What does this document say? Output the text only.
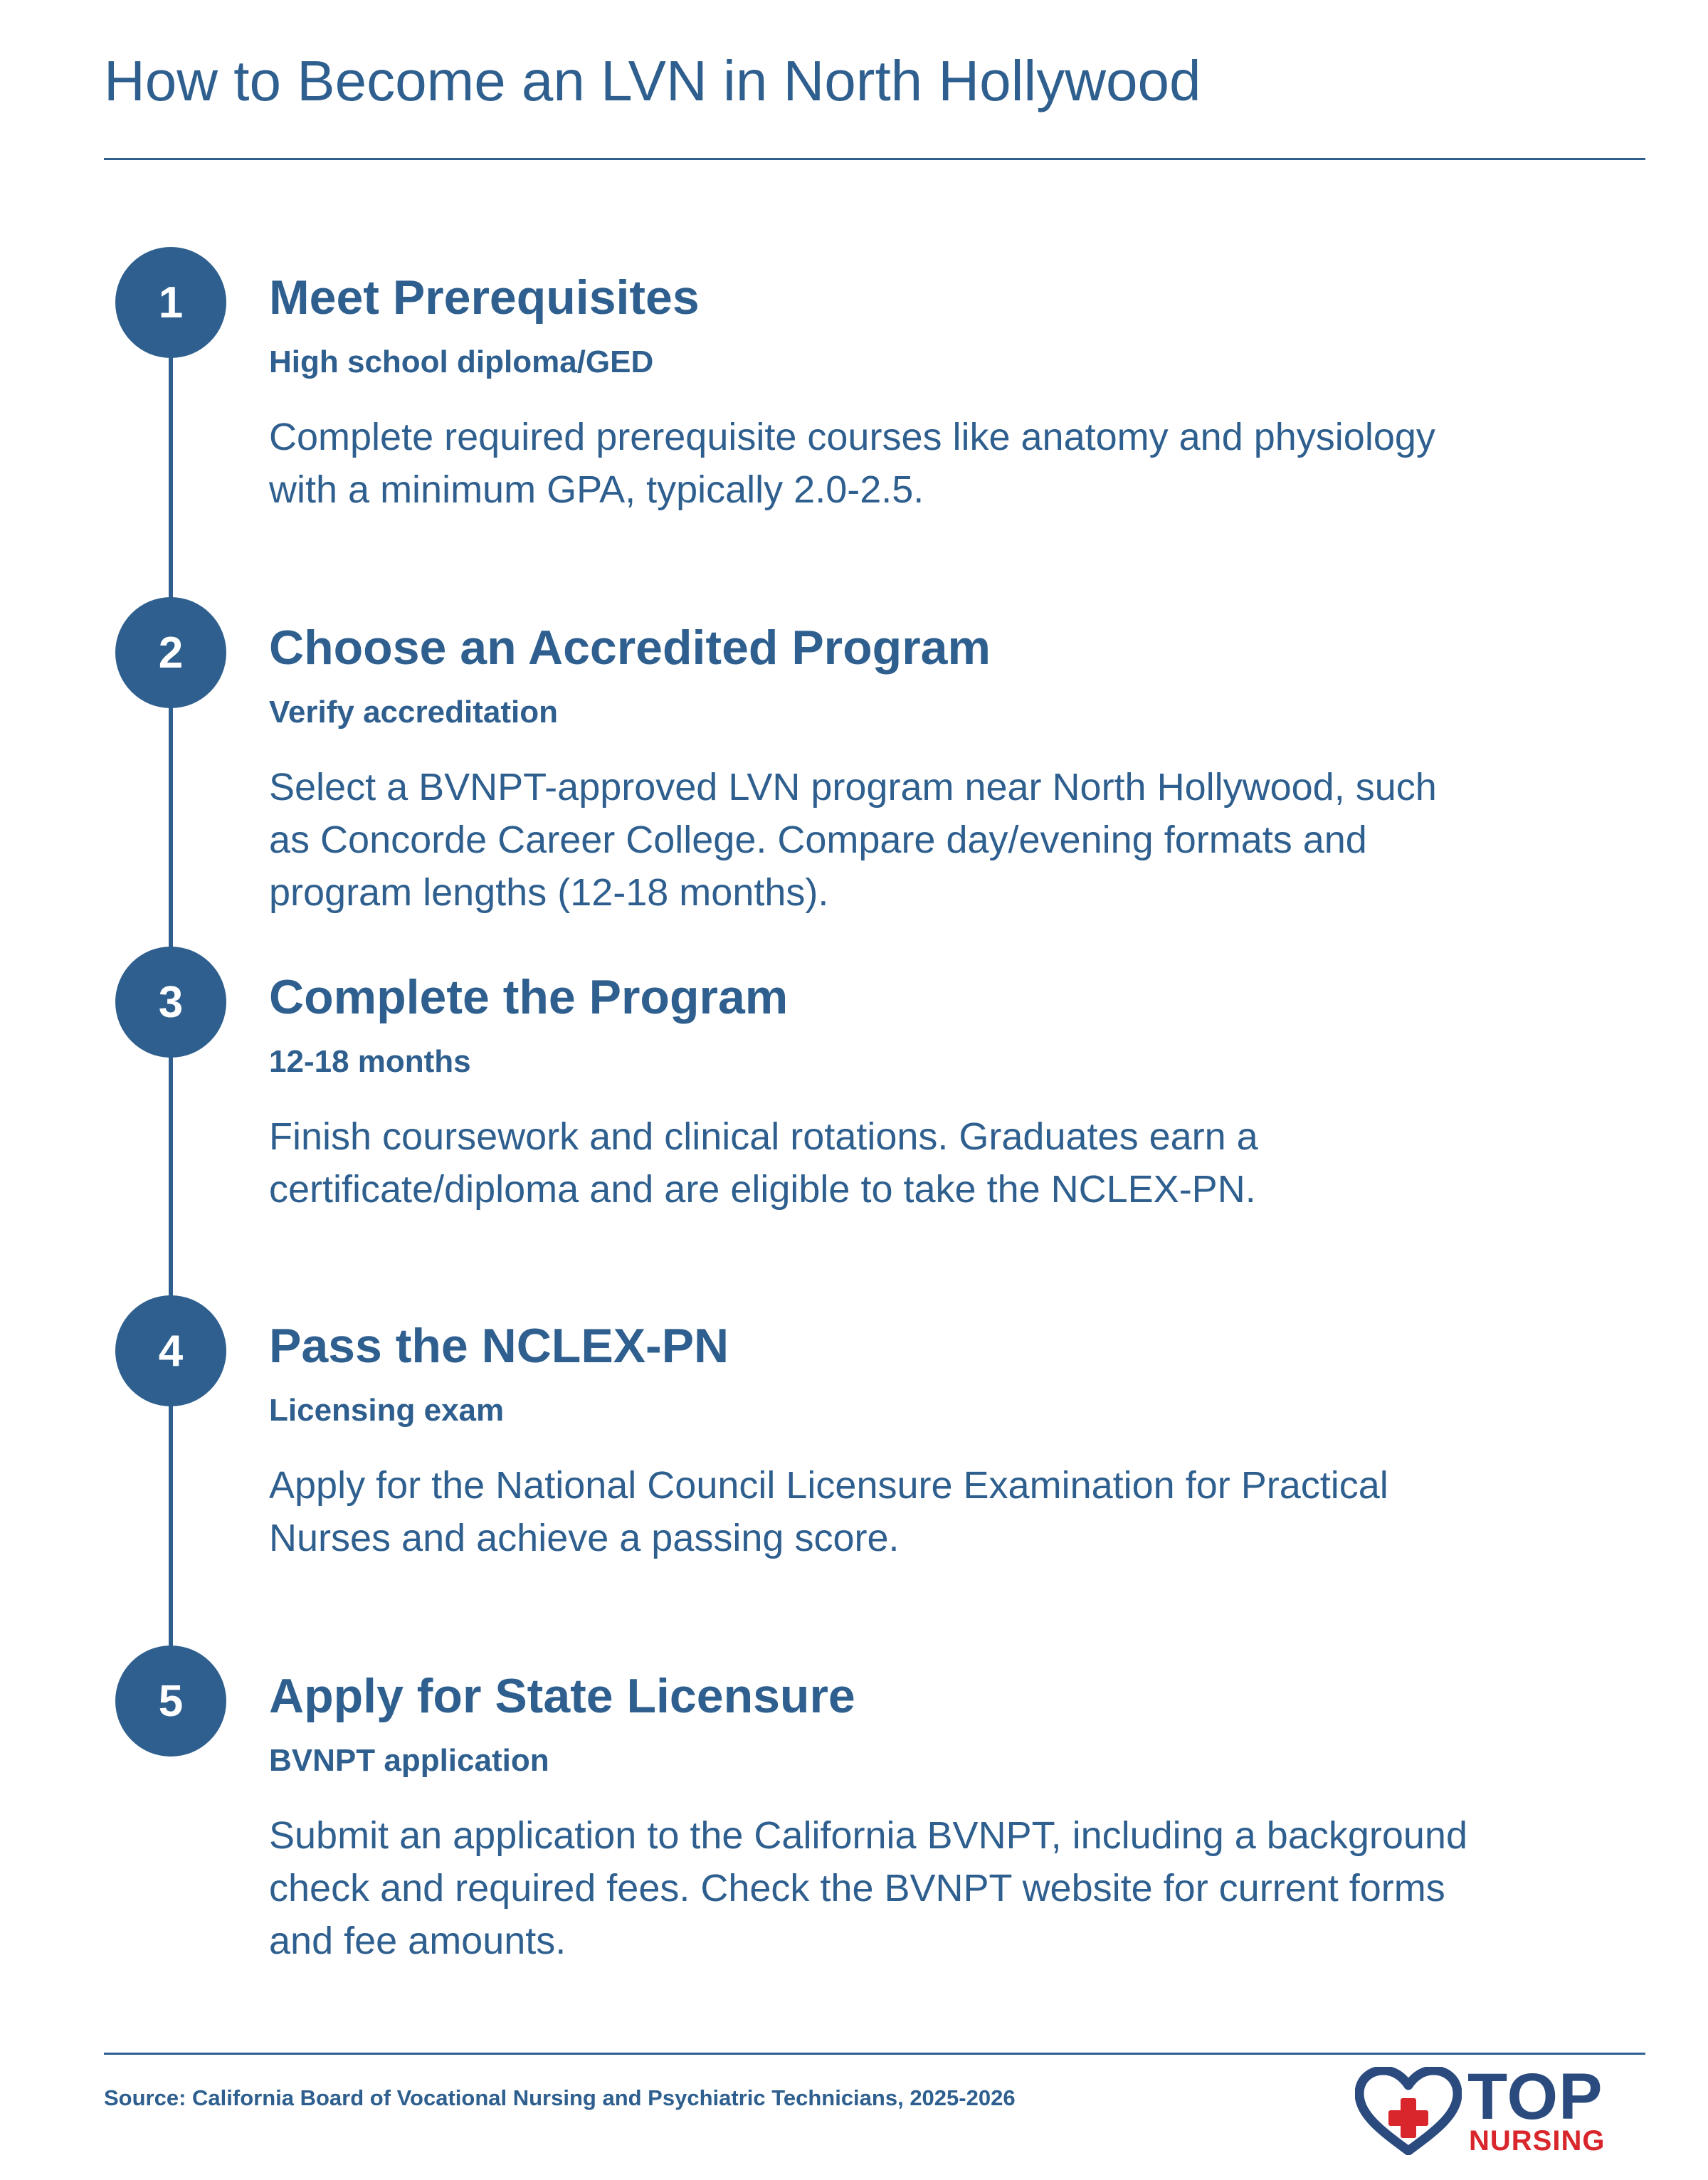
How to Become an LVN in North Hollywood
1	Meet Prerequisites

High school diploma/GED

Complete required prerequisite courses like anatomy and physiology with a minimum GPA, typically 2.0-2.5.

2	Choose an Accredited Program

Verify accreditation

Select a BVNPT-approved LVN program near North Hollywood, such as Concorde Career College. Compare day/evening formats and program lengths (12-18 months).

3	Complete the Program

12-18 months

Finish coursework and clinical rotations. Graduates earn a certificate/diploma and are eligible to take the NCLEX-PN.

4	Pass the NCLEX-PN

Licensing exam

Apply for the National Council Licensure Examination for Practical Nurses and achieve a passing score.

5	Apply for State Licensure

BVNPT application

Submit an application to the California BVNPT, including a background check and required fees. Check the BVNPT website for current forms and fee amounts.

Source: California Board of Vocational Nursing and Psychiatric Technicians, 2025-2026	TOP
NURSING
